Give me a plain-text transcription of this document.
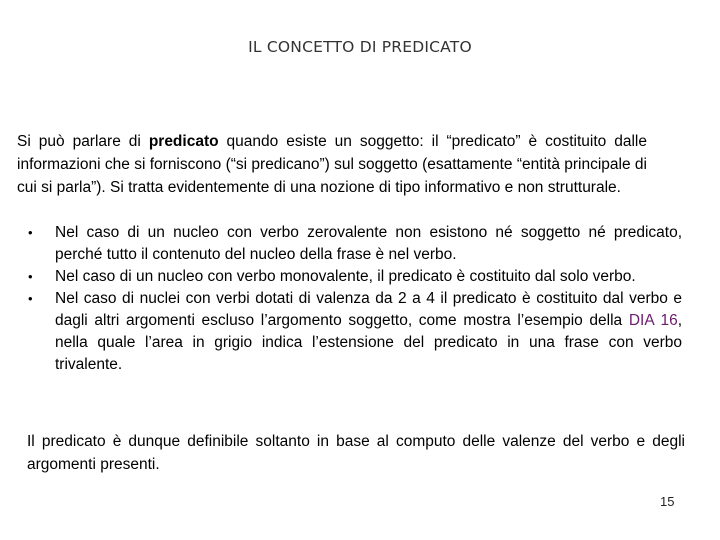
IL CONCETTO DI PREDICATO

Si può parlare di predicato quando esiste un soggetto: il “predicato” è costituito dalle informazioni che si forniscono (“si predicano”) sul soggetto (esattamente “entità principale di cui si parla”). Si tratta evidentemente di una nozione di tipo informativo e non strutturale.

• Nel caso di un nucleo con verbo zerovalente non esistono né soggetto né predicato, perché tutto il contenuto del nucleo della frase è nel verbo.
• Nel caso di un nucleo con verbo monovalente, il predicato è costituito dal solo verbo.
• Nel caso di nuclei con verbi dotati di valenza da 2 a 4 il predicato è costituito dal verbo e dagli altri argomenti escluso l’argomento soggetto, come mostra l’esempio della DIA 16, nella quale l’area in grigio indica l’estensione del predicato in una frase con verbo trivalente.

Il predicato è dunque definibile soltanto in base al computo delle valenze del verbo e degli argomenti presenti.

15
